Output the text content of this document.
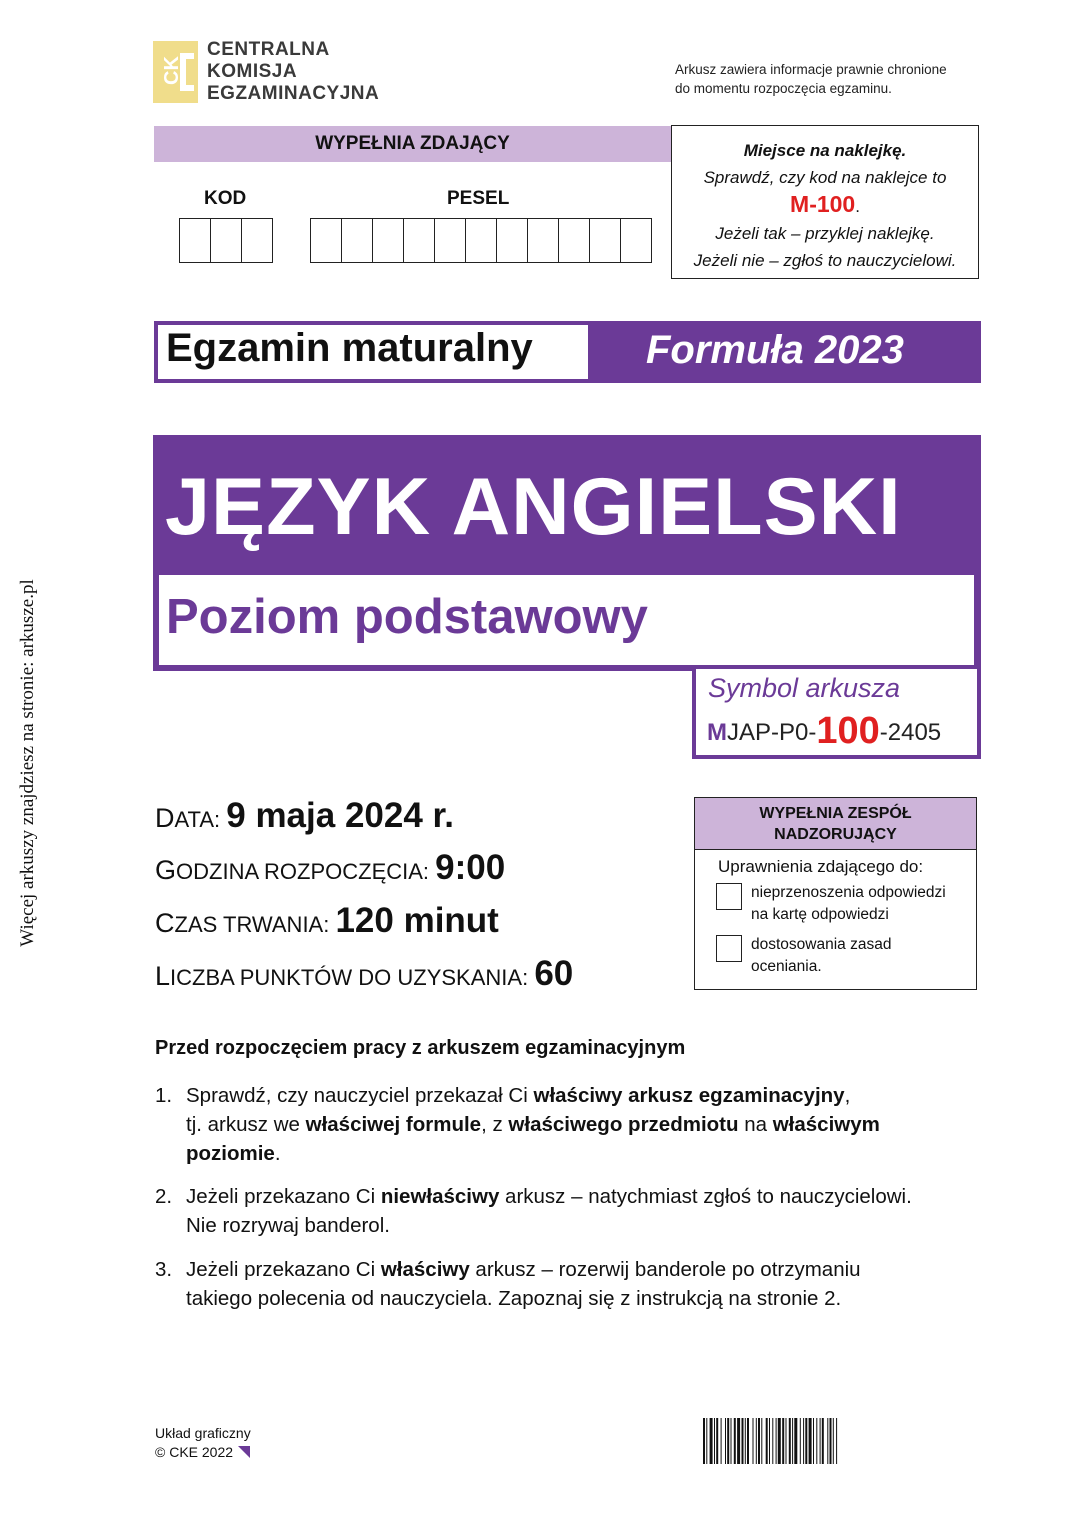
Więcej arkuszy znajdziesz na stronie: arkusze.pl
CK
CENTRALNA
KOMISJA
EGZAMINACYJNA
Arkusz zawiera informacje prawnie chronione
do momentu rozpoczęcia egzaminu.
WYPEŁNIA ZDAJĄCY
KOD	PESEL
Miejsce na naklejkę.
Sprawdź, czy kod na naklejce to
M-100.
Jeżeli tak – przyklej naklejkę.
Jeżeli nie – zgłoś to nauczycielowi.
Egzamin maturalny	Formuła 2023
JĘZYK ANGIELSKI
Poziom podstawowy
Symbol arkusza
MJAP-P0-100-2405
DATA: 9 maja 2024 r.
GODZINA ROZPOCZĘCIA: 9:00
CZAS TRWANIA: 120 minut
LICZBA PUNKTÓW DO UZYSKANIA: 60
WYPEŁNIA ZESPÓŁ
NADZORUJĄCY
Uprawnienia zdającego do:
nieprzenoszenia odpowiedzi
na kartę odpowiedzi
dostosowania zasad
oceniania.
Przed rozpoczęciem pracy z arkuszem egzaminacyjnym
1. Sprawdź, czy nauczyciel przekazał Ci właściwy arkusz egzaminacyjny,
tj. arkusz we właściwej formule, z właściwego przedmiotu na właściwym
poziomie.
2. Jeżeli przekazano Ci niewłaściwy arkusz – natychmiast zgłoś to nauczycielowi.
Nie rozrywaj banderol.
3. Jeżeli przekazano Ci właściwy arkusz – rozerwij banderole po otrzymaniu
takiego polecenia od nauczyciela. Zapoznaj się z instrukcją na stronie 2.
Układ graficzny
© CKE 2022
